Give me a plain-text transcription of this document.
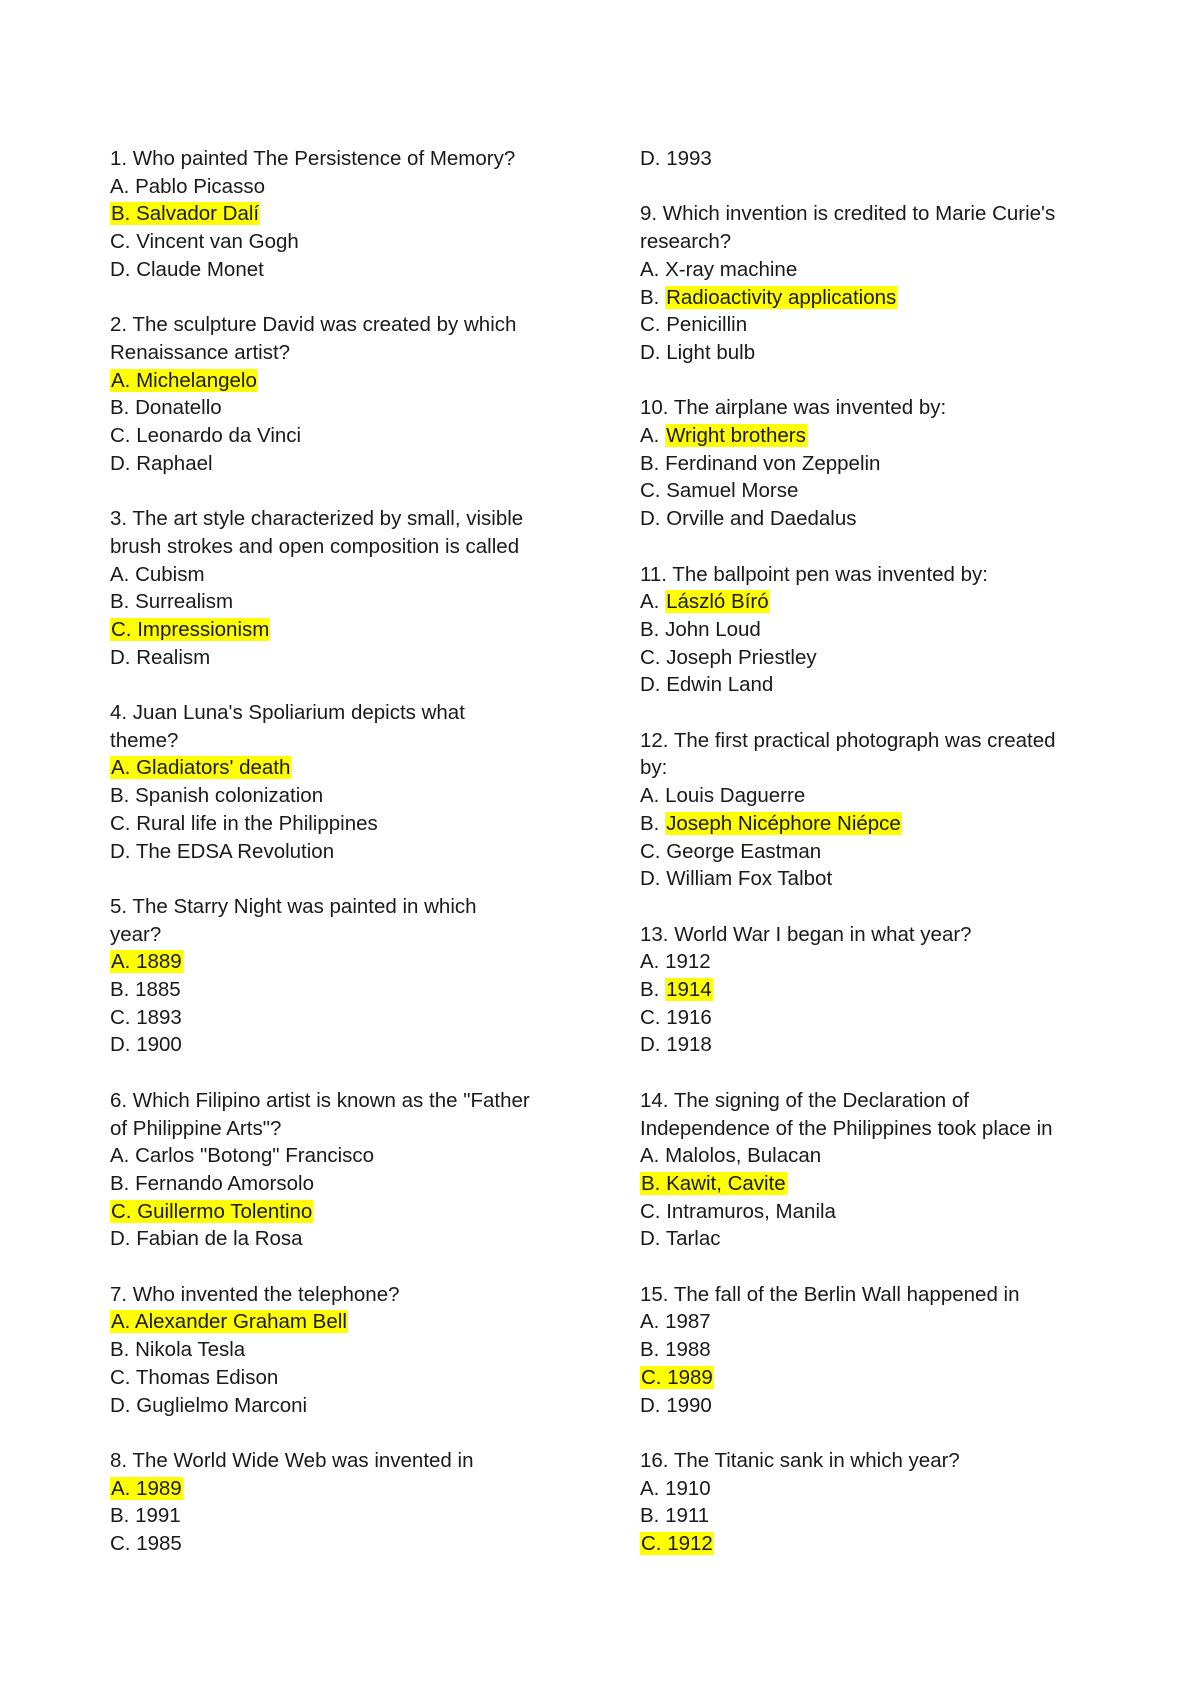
1. Who painted The Persistence of Memory?
A. Pablo Picasso
B. Salvador Dalí
C. Vincent van Gogh
D. Claude Monet
2. The sculpture David was created by which
Renaissance artist?
A. Michelangelo
B. Donatello
C. Leonardo da Vinci
D. Raphael
3. The art style characterized by small, visible
brush strokes and open composition is called
A. Cubism
B. Surrealism
C. Impressionism
D. Realism
4. Juan Luna's Spoliarium depicts what
theme?
A. Gladiators' death
B. Spanish colonization
C. Rural life in the Philippines
D. The EDSA Revolution
5. The Starry Night was painted in which
year?
A. 1889
B. 1885
C. 1893
D. 1900
6. Which Filipino artist is known as the "Father
of Philippine Arts"?
A. Carlos "Botong" Francisco
B. Fernando Amorsolo
C. Guillermo Tolentino
D. Fabian de la Rosa
7. Who invented the telephone?
A. Alexander Graham Bell
B. Nikola Tesla
C. Thomas Edison
D. Guglielmo Marconi
8. The World Wide Web was invented in
A. 1989
B. 1991
C. 1985
D. 1993
9. Which invention is credited to Marie Curie's
research?
A. X-ray machine
B. Radioactivity applications
C. Penicillin
D. Light bulb
10. The airplane was invented by:
A. Wright brothers
B. Ferdinand von Zeppelin
C. Samuel Morse
D. Orville and Daedalus
11. The ballpoint pen was invented by:
A. László Bíró
B. John Loud
C. Joseph Priestley
D. Edwin Land
12. The first practical photograph was created
by:
A. Louis Daguerre
B. Joseph Nicéphore Niépce
C. George Eastman
D. William Fox Talbot
13. World War I began in what year?
A. 1912
B. 1914
C. 1916
D. 1918
14. The signing of the Declaration of
Independence of the Philippines took place in
A. Malolos, Bulacan
B. Kawit, Cavite
C. Intramuros, Manila
D. Tarlac
15. The fall of the Berlin Wall happened in
A. 1987
B. 1988
C. 1989
D. 1990
16. The Titanic sank in which year?
A. 1910
B. 1911
C. 1912
